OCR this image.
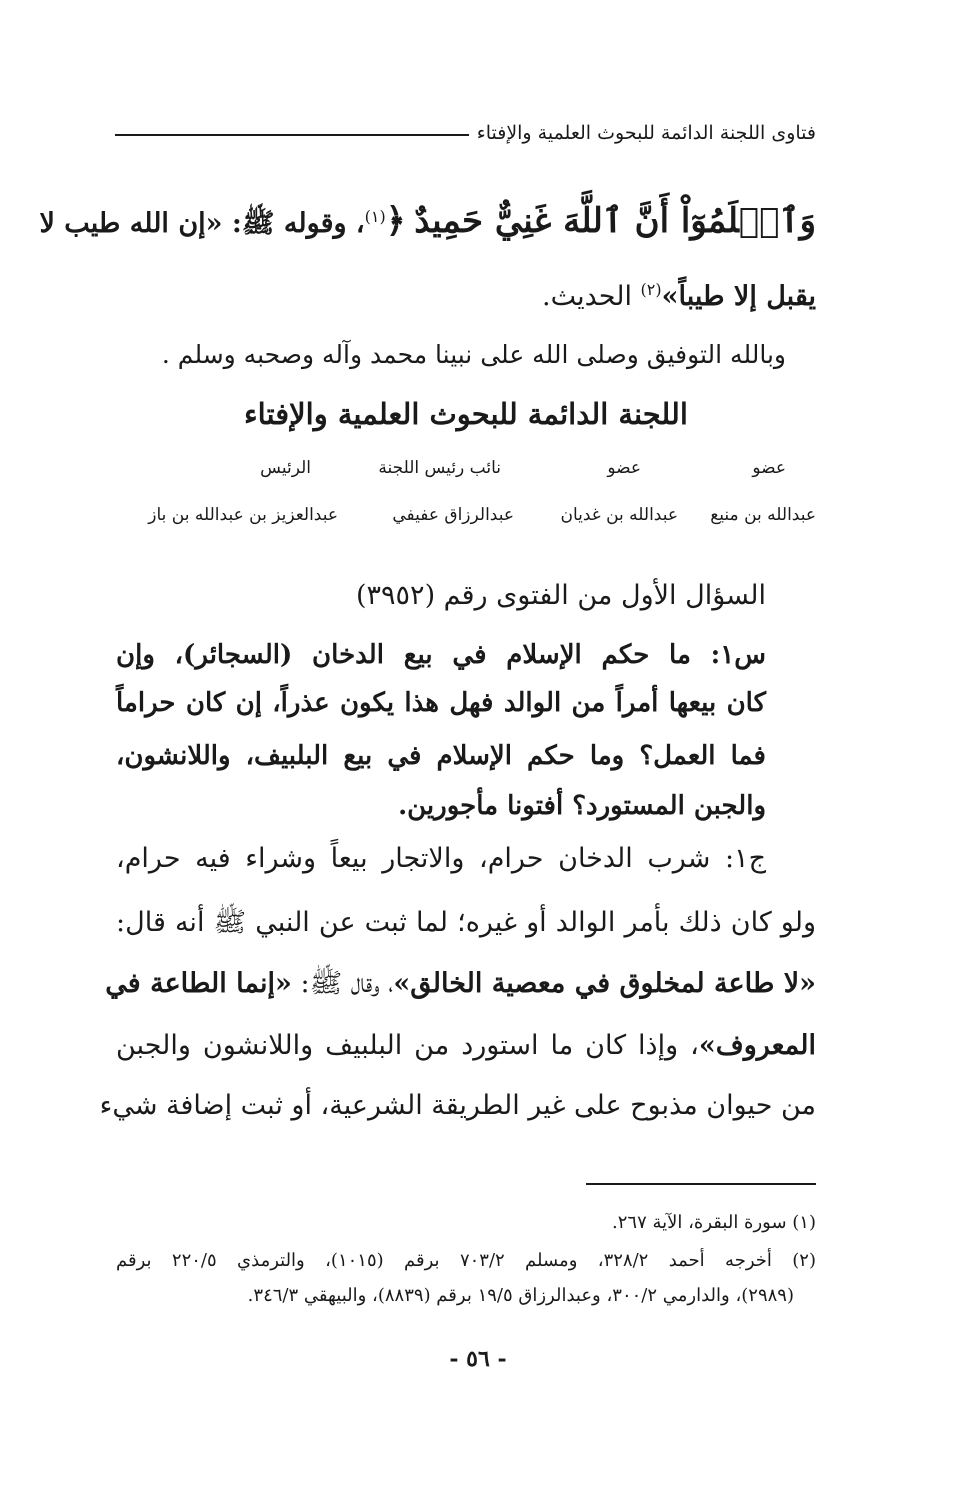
فتاوى اللجنة الدائمة للبحوث العلمية والإفتاء
وَٱعۡلَمُوٓاْ أَنَّ ٱللَّهَ غَنِيٌّ حَمِيدٌ ﴿$^{(١)}$، وقوله ﷺ: «إن الله طيب لا
يقبل إلا طيباً»$^{(٢)}$ الحديث.
وبالله التوفيق وصلى الله على نبينا محمد وآله وصحبه وسلم .
اللجنة الدائمة للبحوث العلمية والإفتاء
عضو
عضو
نائب رئيس اللجنة
الرئيس
عبدالله بن منيع
عبدالله بن غديان
عبدالرزاق عفيفي
عبدالعزيز بن عبدالله بن باز
السؤال الأول من الفتوى رقم (٣٩٥٢)
س١: ما حكم الإسلام في بيع الدخان (السجائر)، وإن
كان بيعها أمراً من الوالد فهل هذا يكون عذراً، إن كان حراماً
فما العمل؟ وما حكم الإسلام في بيع البلبيف، واللانشون،
والجبن المستورد؟ أفتونا مأجورين.
ج١: شرب الدخان حرام، والاتجار بيعاً وشراء فيه حرام،
ولو كان ذلك بأمر الوالد أو غيره؛ لما ثبت عن النبي ﷺ أنه قال:
«لا طاعة لمخلوق في معصية الخالق»، وقال ﷺ: «إنما الطاعة في
المعروف»، وإذا كان ما استورد من البلبيف واللانشون والجبن
من حيوان مذبوح على غير الطريقة الشرعية، أو ثبت إضافة شيء
(١) سورة البقرة، الآية ٢٦٧.
(٢) أخرجه أحمد ٣٢٨/٢، ومسلم ٧٠٣/٢ برقم (١٠١٥)، والترمذي ٢٢٠/٥ برقم
(٢٩٨٩)، والدارمي ٣٠٠/٢، وعبدالرزاق ١٩/٥ برقم (٨٨٣٩)، والبيهقي ٣٤٦/٣.
- ٥٦ -
